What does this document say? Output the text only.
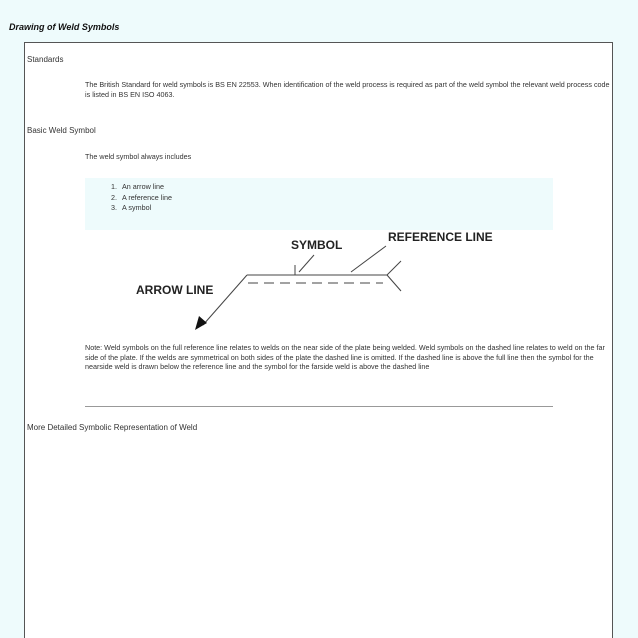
Drawing of Weld Symbols
Standards
The British Standard for weld symbols is BS EN 22553. When identification of the weld process is required as part of the weld symbol the relevant weld process code is listed in BS EN ISO 4063.
Basic Weld Symbol
The weld symbol always includes
1. An arrow line
2. A reference line
3. A symbol
SYMBOL
REFERENCE LINE
ARROW LINE
Note: Weld symbols on the full reference line relates to welds on the near side of the plate being welded. Weld symbols on the dashed line relates to weld on the far side of the plate. If the welds are symmetrical on both sides of the plate the dashed line is omitted. If the dashed line is above the full line then the symbol for the nearside weld is drawn below the reference line and the symbol for the farside weld is above the dashed line
More Detailed Symbolic Representation of Weld
